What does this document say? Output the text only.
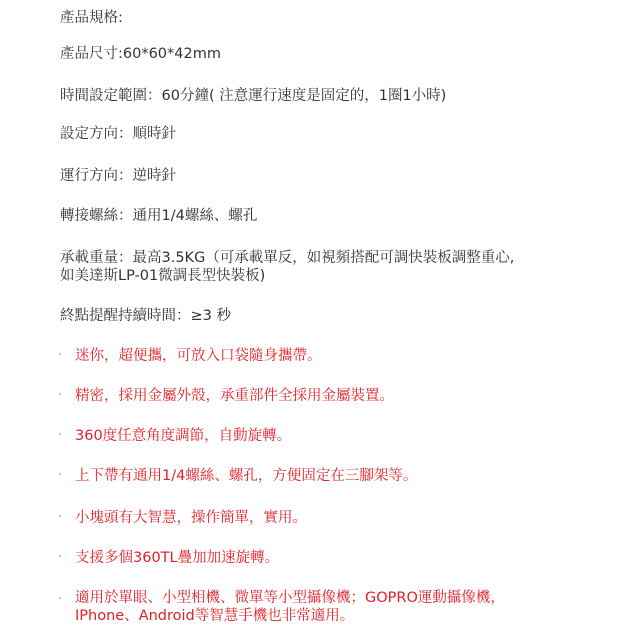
產品規格:
產品尺寸:60*60*42mm
時間設定範圍：60分鐘( 注意運行速度是固定的，1圈1小時)
設定方向：順時針
運行方向：逆時針
轉接螺絲：通用1/4螺絲、螺孔
承載重量：最高3.5KG（可承載單反，如視頻搭配可調快裝板調整重心,
如美達斯LP-01微調長型快裝板)
終點提醒持續時間：≥3 秒
· 迷你，超便攜，可放入口袋隨身攜帶。
· 精密，採用金屬外殼，承重部件全採用金屬裝置。
· 360度任意角度調節，自動旋轉。
· 上下帶有通用1/4螺絲、螺孔，方便固定在三腳架等。
· 小塊頭有大智慧，操作簡單，實用。
· 支援多個360TL疊加加速旋轉。
· 適用於單眼、小型相機、微單等小型攝像機；GOPRO運動攝像機，
IPhone、Android等智慧手機也非常適用。
